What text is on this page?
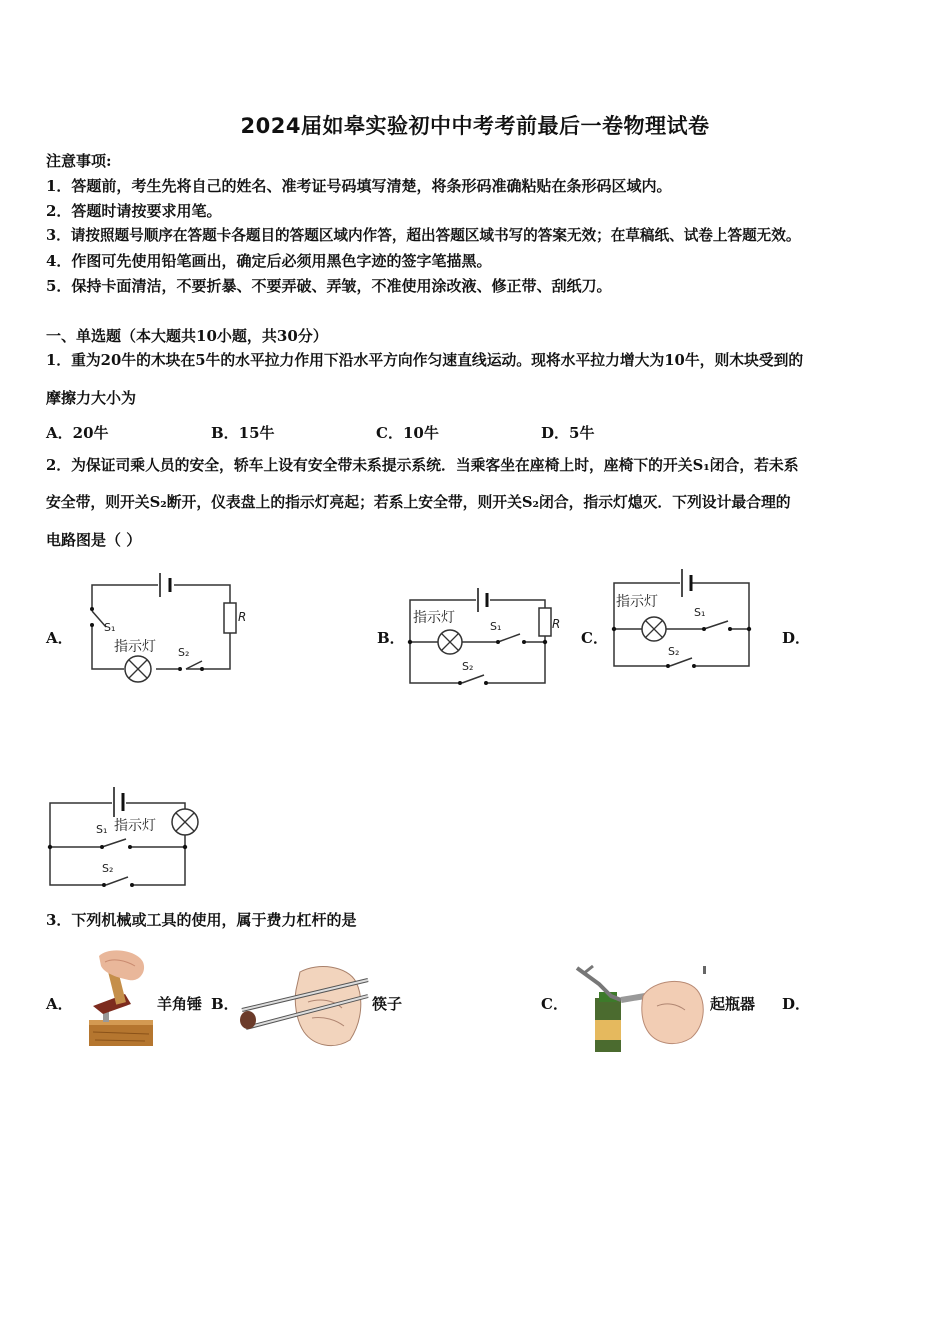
2024届如皋实验初中中考考前最后一卷物理试卷
注意事项:
1．答题前，考生先将自己的姓名、准考证号码填写清楚，将条形码准确粘贴在条形码区域内。
2．答题时请按要求用笔。
3．请按照题号顺序在答题卡各题目的答题区域内作答，超出答题区域书写的答案无效；在草稿纸、试卷上答题无效。
4．作图可先使用铅笔画出，确定后必须用黑色字迹的签字笔描黑。
5．保持卡面清洁，不要折暴、不要弄破、弄皱，不准使用涂改液、修正带、刮纸刀。
一、单选题（本大题共10小题，共30分）
1．重为20牛的木块在5牛的水平拉力作用下沿水平方向作匀速直线运动。现将水平拉力增大为10牛，则木块受到的
摩擦力大小为
A．20牛	B．15牛	C．10牛	D．5牛
2．为保证司乘人员的安全，轿车上设有安全带未系提示系统．当乘客坐在座椅上时，座椅下的开关S₁闭合，若未系
安全带，则开关S₂断开，仪表盘上的指示灯亮起；若系上安全带，则开关S₂闭合，指示灯熄灭．下列设计最合理的
电路图是（ ）
A．	B．	C．	D．
指示灯
S₁
S₂
R	指示灯
S₁
S₂
R
指示灯
S₁
S₂
指示灯
S₁
S₂
3．下列机械或工具的使用，属于费力杠杆的是
A．	羊角锤 B．	筷子	C．	起瓶器 D．
